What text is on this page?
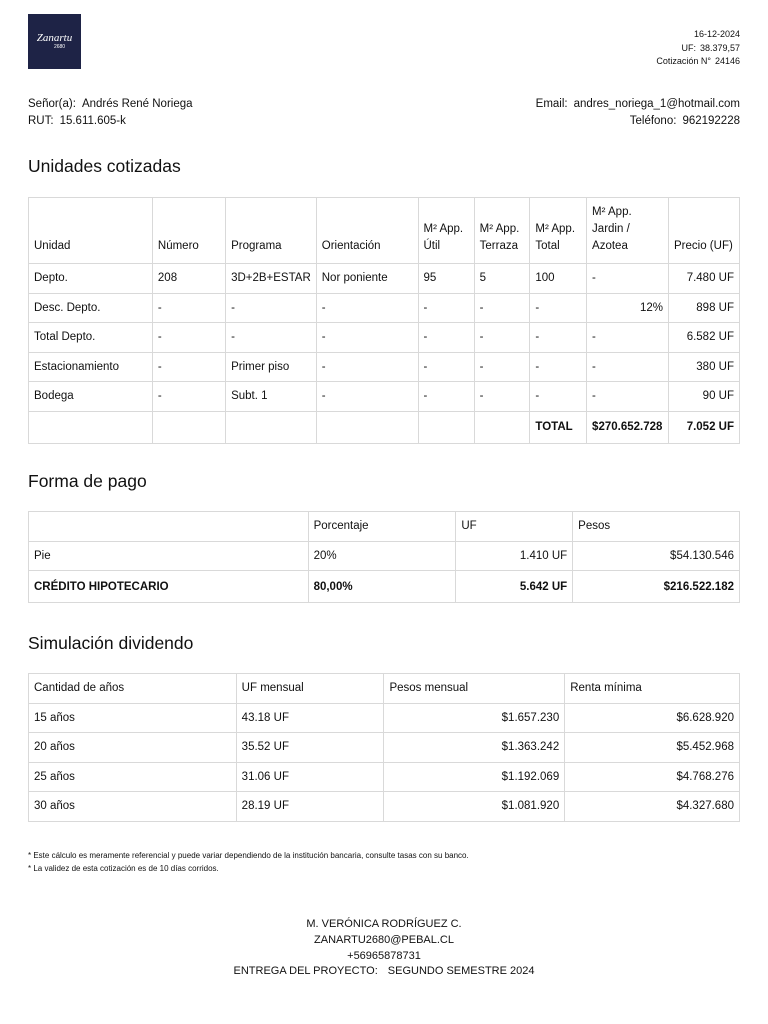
Zanartu
2680
16-12-2024
UF: 38.379,57
Cotización N° 24146
Señor(a): Andrés René Noriega
RUT: 15.611.605-k
Email: andres_noriega_1@hotmail.com
Teléfono: 962192228
Unidades cotizadas
Unidad	Número	Programa	Orientación	M² App. Útil	M² App. Terraza	M² App. Total	M² App. Jardin / Azotea	Precio (UF)
Depto.	208	3D+2B+ESTAR	Nor poniente	95	5	100	-	7.480 UF
Desc. Depto.	-	-	-	-	-	-	12%	898 UF
Total Depto.	-	-	-	-	-	-	-	6.582 UF
Estacionamiento	-	Primer piso	-	-	-	-	-	380 UF
Bodega	-	Subt. 1	-	-	-	-	-	90 UF
						TOTAL	$270.652.728	7.052 UF
Forma de pago
	Porcentaje	UF	Pesos
Pie	20%	1.410 UF	$54.130.546
CRÉDITO HIPOTECARIO	80,00%	5.642 UF	$216.522.182
Simulación dividendo
Cantidad de años	UF mensual	Pesos mensual	Renta mínima
15 años	43.18 UF	$1.657.230	$6.628.920
20 años	35.52 UF	$1.363.242	$5.452.968
25 años	31.06 UF	$1.192.069	$4.768.276
30 años	28.19 UF	$1.081.920	$4.327.680
* Este cálculo es meramente referencial y puede variar dependiendo de la institución bancaria, consulte tasas con su banco.
* La validez de esta cotización es de 10 días corridos.
M. VERÓNICA RODRÍGUEZ C.
ZANARTU2680@PEBAL.CL
+56965878731
ENTREGA DEL PROYECTO: SEGUNDO SEMESTRE 2024
